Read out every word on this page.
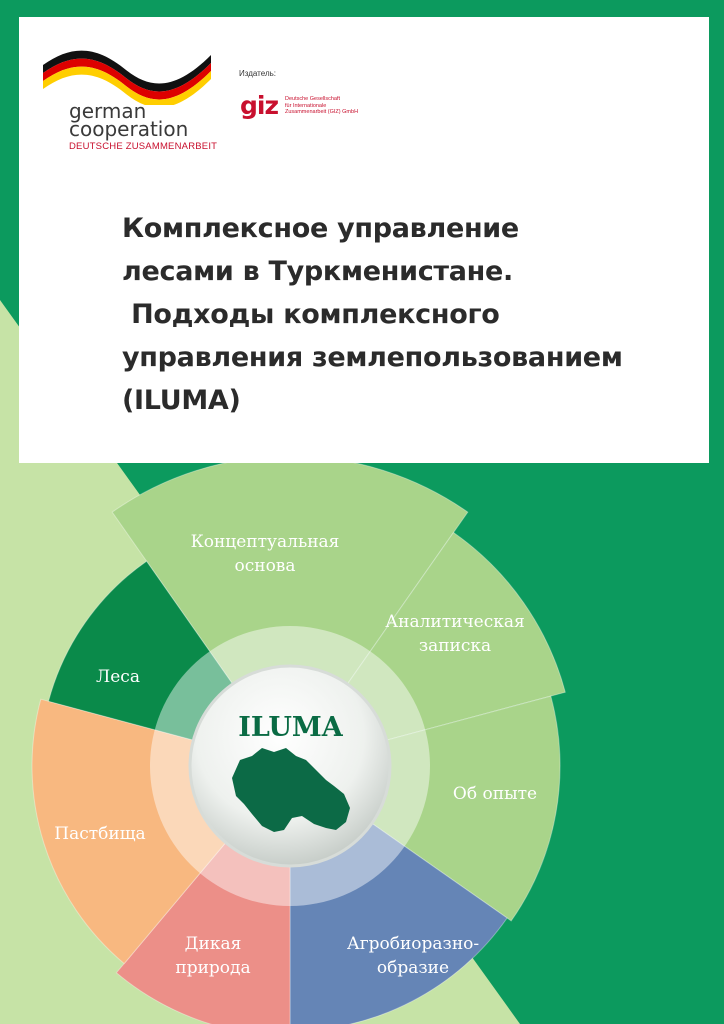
german
cooperation
DEUTSCHE ZUSAMMENARBEIT
Издатель:
giz Deutsche Gesellschaft
für Internationale
Zusammenarbeit (GIZ) GmbH
Комплексное управление
лесами в Туркменистане.
Подходы комплексного
управления землепользованием
(ILUMA)
Концептуальная
основа
Аналитическая
записка
Об опыте
Агробиоразно-
образие
Дикая
природа
Пастбища
Леса
ILUMA
